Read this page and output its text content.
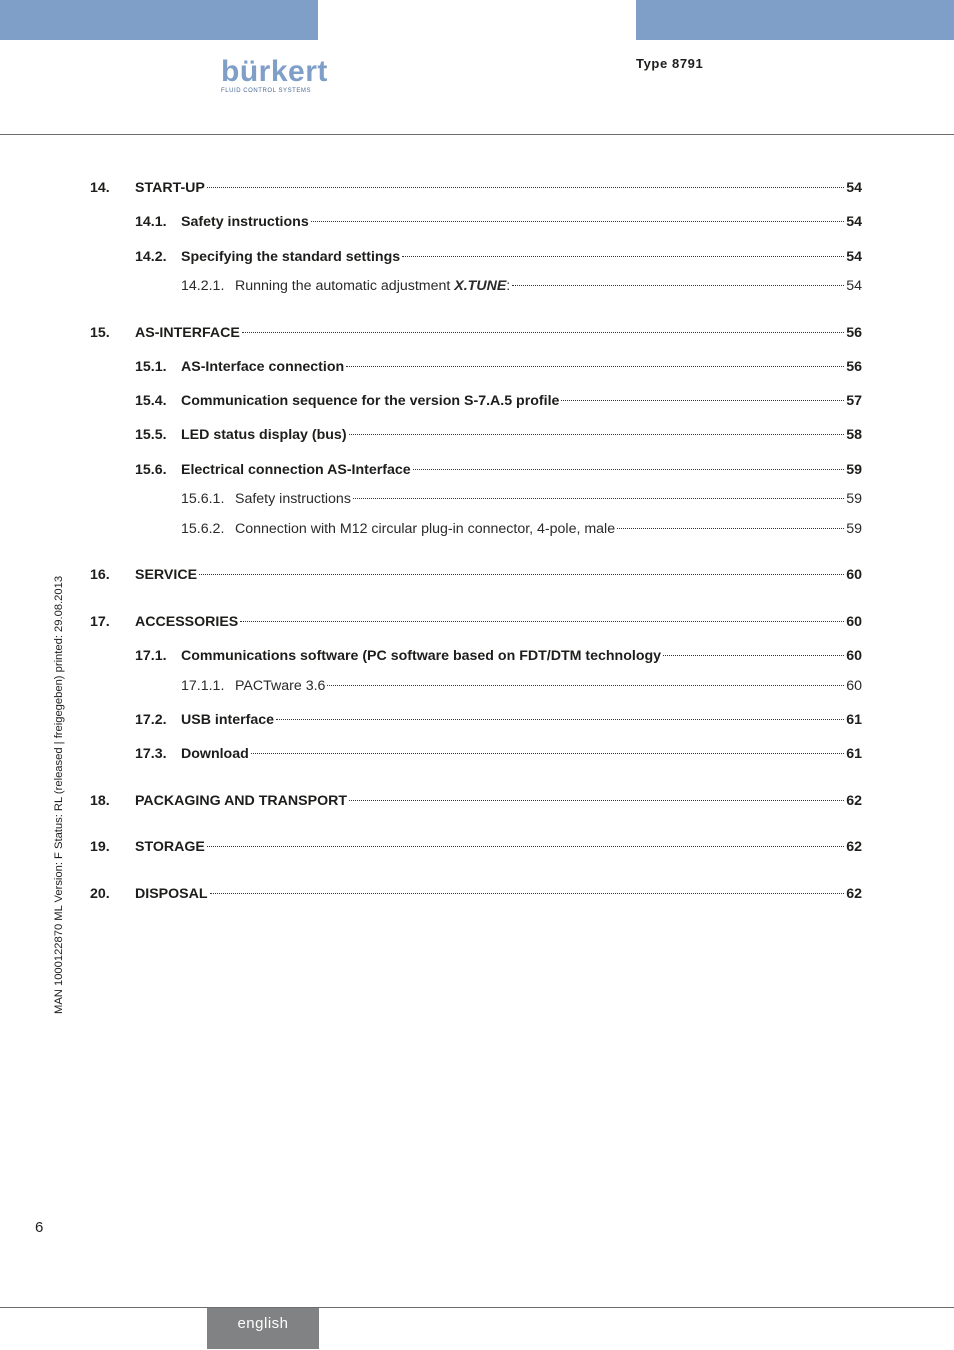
bürkert
FLUID CONTROL SYSTEMS
Type 8791
MAN 1000122870 ML Version: F Status: RL (released | freigegeben) printed: 29.08.2013
14. START-UP	54
14.1. Safety instructions	54
14.2. Specifying the standard settings	54
14.2.1. Running the automatic adjustment X.TUNE:	54
15. AS-INTERFACE	56
15.1. AS-Interface connection	56
15.4. Communication sequence for the version S-7.A.5 profile	57
15.5. LED status display (bus)	58
15.6. Electrical connection AS-Interface	59
15.6.1. Safety instructions	59
15.6.2. Connection with M12 circular plug-in connector, 4-pole, male	59
16. SERVICE	60
17. ACCESSORIES	60
17.1. Communications software (PC software based on FDT/DTM technology	60
17.1.1. PACTware 3.6	60
17.2. USB interface	61
17.3. Download	61
18. PACKAGING AND TRANSPORT	62
19. STORAGE	62
20. DISPOSAL	62
6
english
